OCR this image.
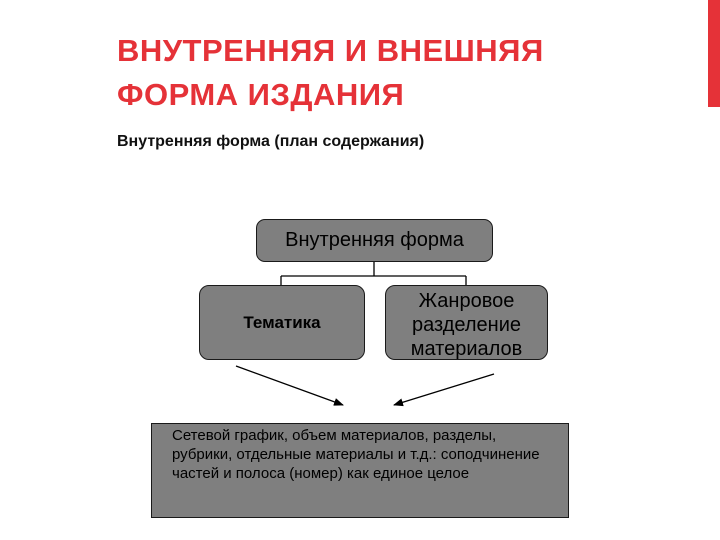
ВНУТРЕННЯЯ И ВНЕШНЯЯ
ФОРМА ИЗДАНИЯ
Внутренняя форма (план содержания)
Внутренняя форма
Тематика
Жанровое
разделение
материалов
Сетевой график, объем материалов, разделы, рубрики, отдельные материалы и т.д.: соподчинение частей и полоса (номер) как единое целое
